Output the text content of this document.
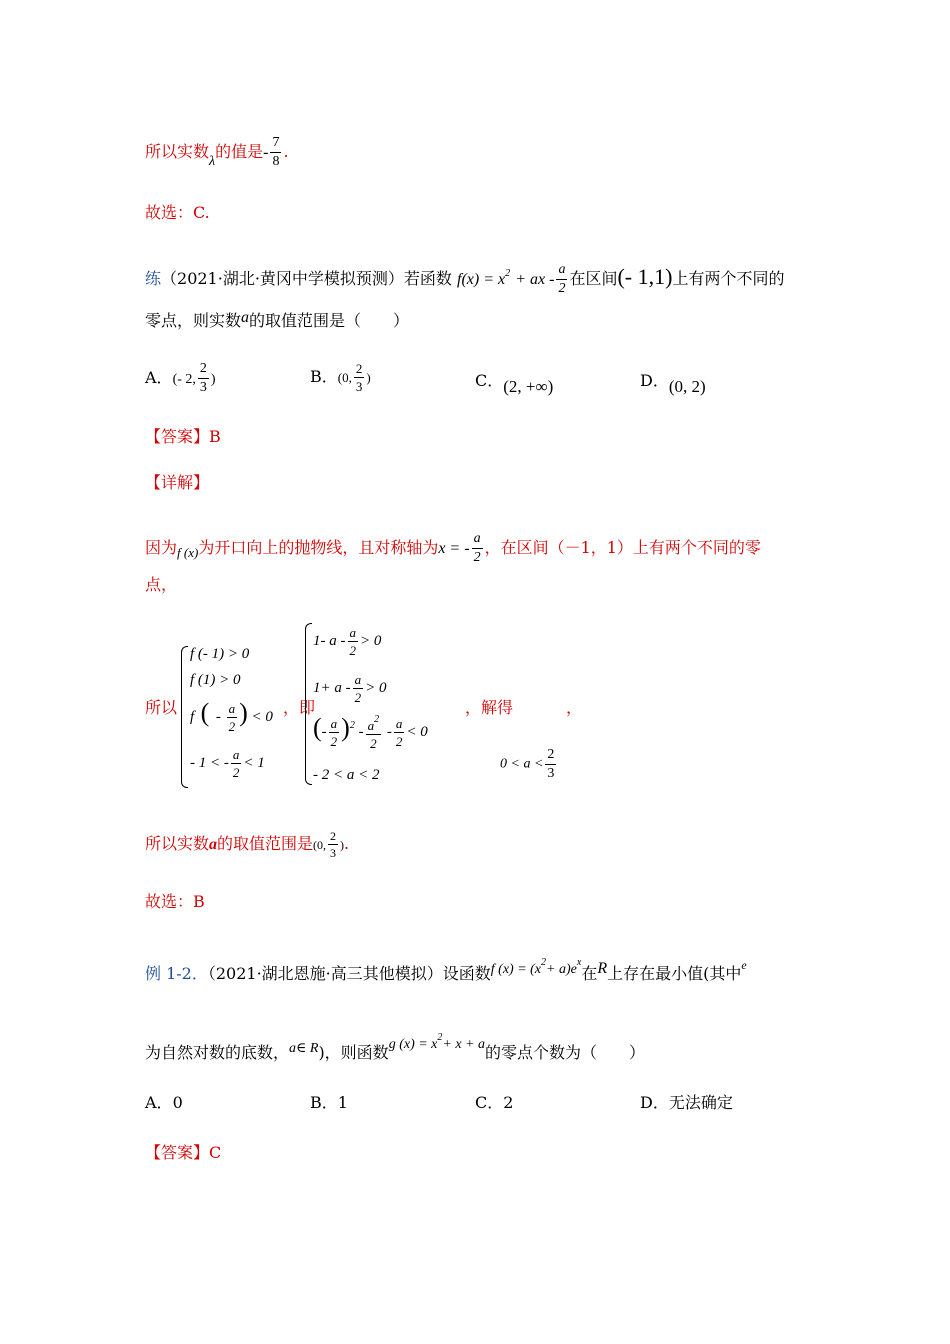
所以实数λ的值是- $\frac{7}{8}$ .
故选：C.
练（2021·湖北·黄冈中学模拟预测）若函数 $f(x) = x^2$ + ax - $\frac{a}{2}$ 在区间(- 1,1)上有两个不同的
零点，则实数a的取值范围是（　　）
A．(- 2, $\frac{2}{3}$ )	B．(0, $\frac{2}{3}$ )	C．(2, +∞)	D．(0, 2)
【答案】B
【详解】
因为$_{f (x)}$为开口向上的抛物线，且对称轴为x = - $\frac{a}{2}$ ，在区间（－1，1）上有两个不同的零
点，
所以
f (- 1) > 0
f (1) > 0
f ( - $\frac{a}{2}$ ) < 0
- 1 < - $\frac{a}{2} < 1$
，即
1- $a - \frac{a}{2} > 0$
$1+ a - \frac{a}{2} > 0$
(- $\frac{a}{2} )^2 - \frac{a^2}{2} - \frac{a}{2} < 0$
- 2 < a < 2
，解得	，
$0 < a < \frac{2}{3}$
所以实数a的取值范围是(0, $\frac{2}{3}$ ).
故选：B
例 1-2．（2021·湖北恩施·高三其他模拟）设函数f $(x) = (x^2+ a)e^x$在R上存在最小值(其中$^e$
为自然对数的底数，a∈ R)，则函数g $(x) = x^2+ x + a$的零点个数为（　　）
A．0	B．1	C．2	D．无法确定
【答案】C
